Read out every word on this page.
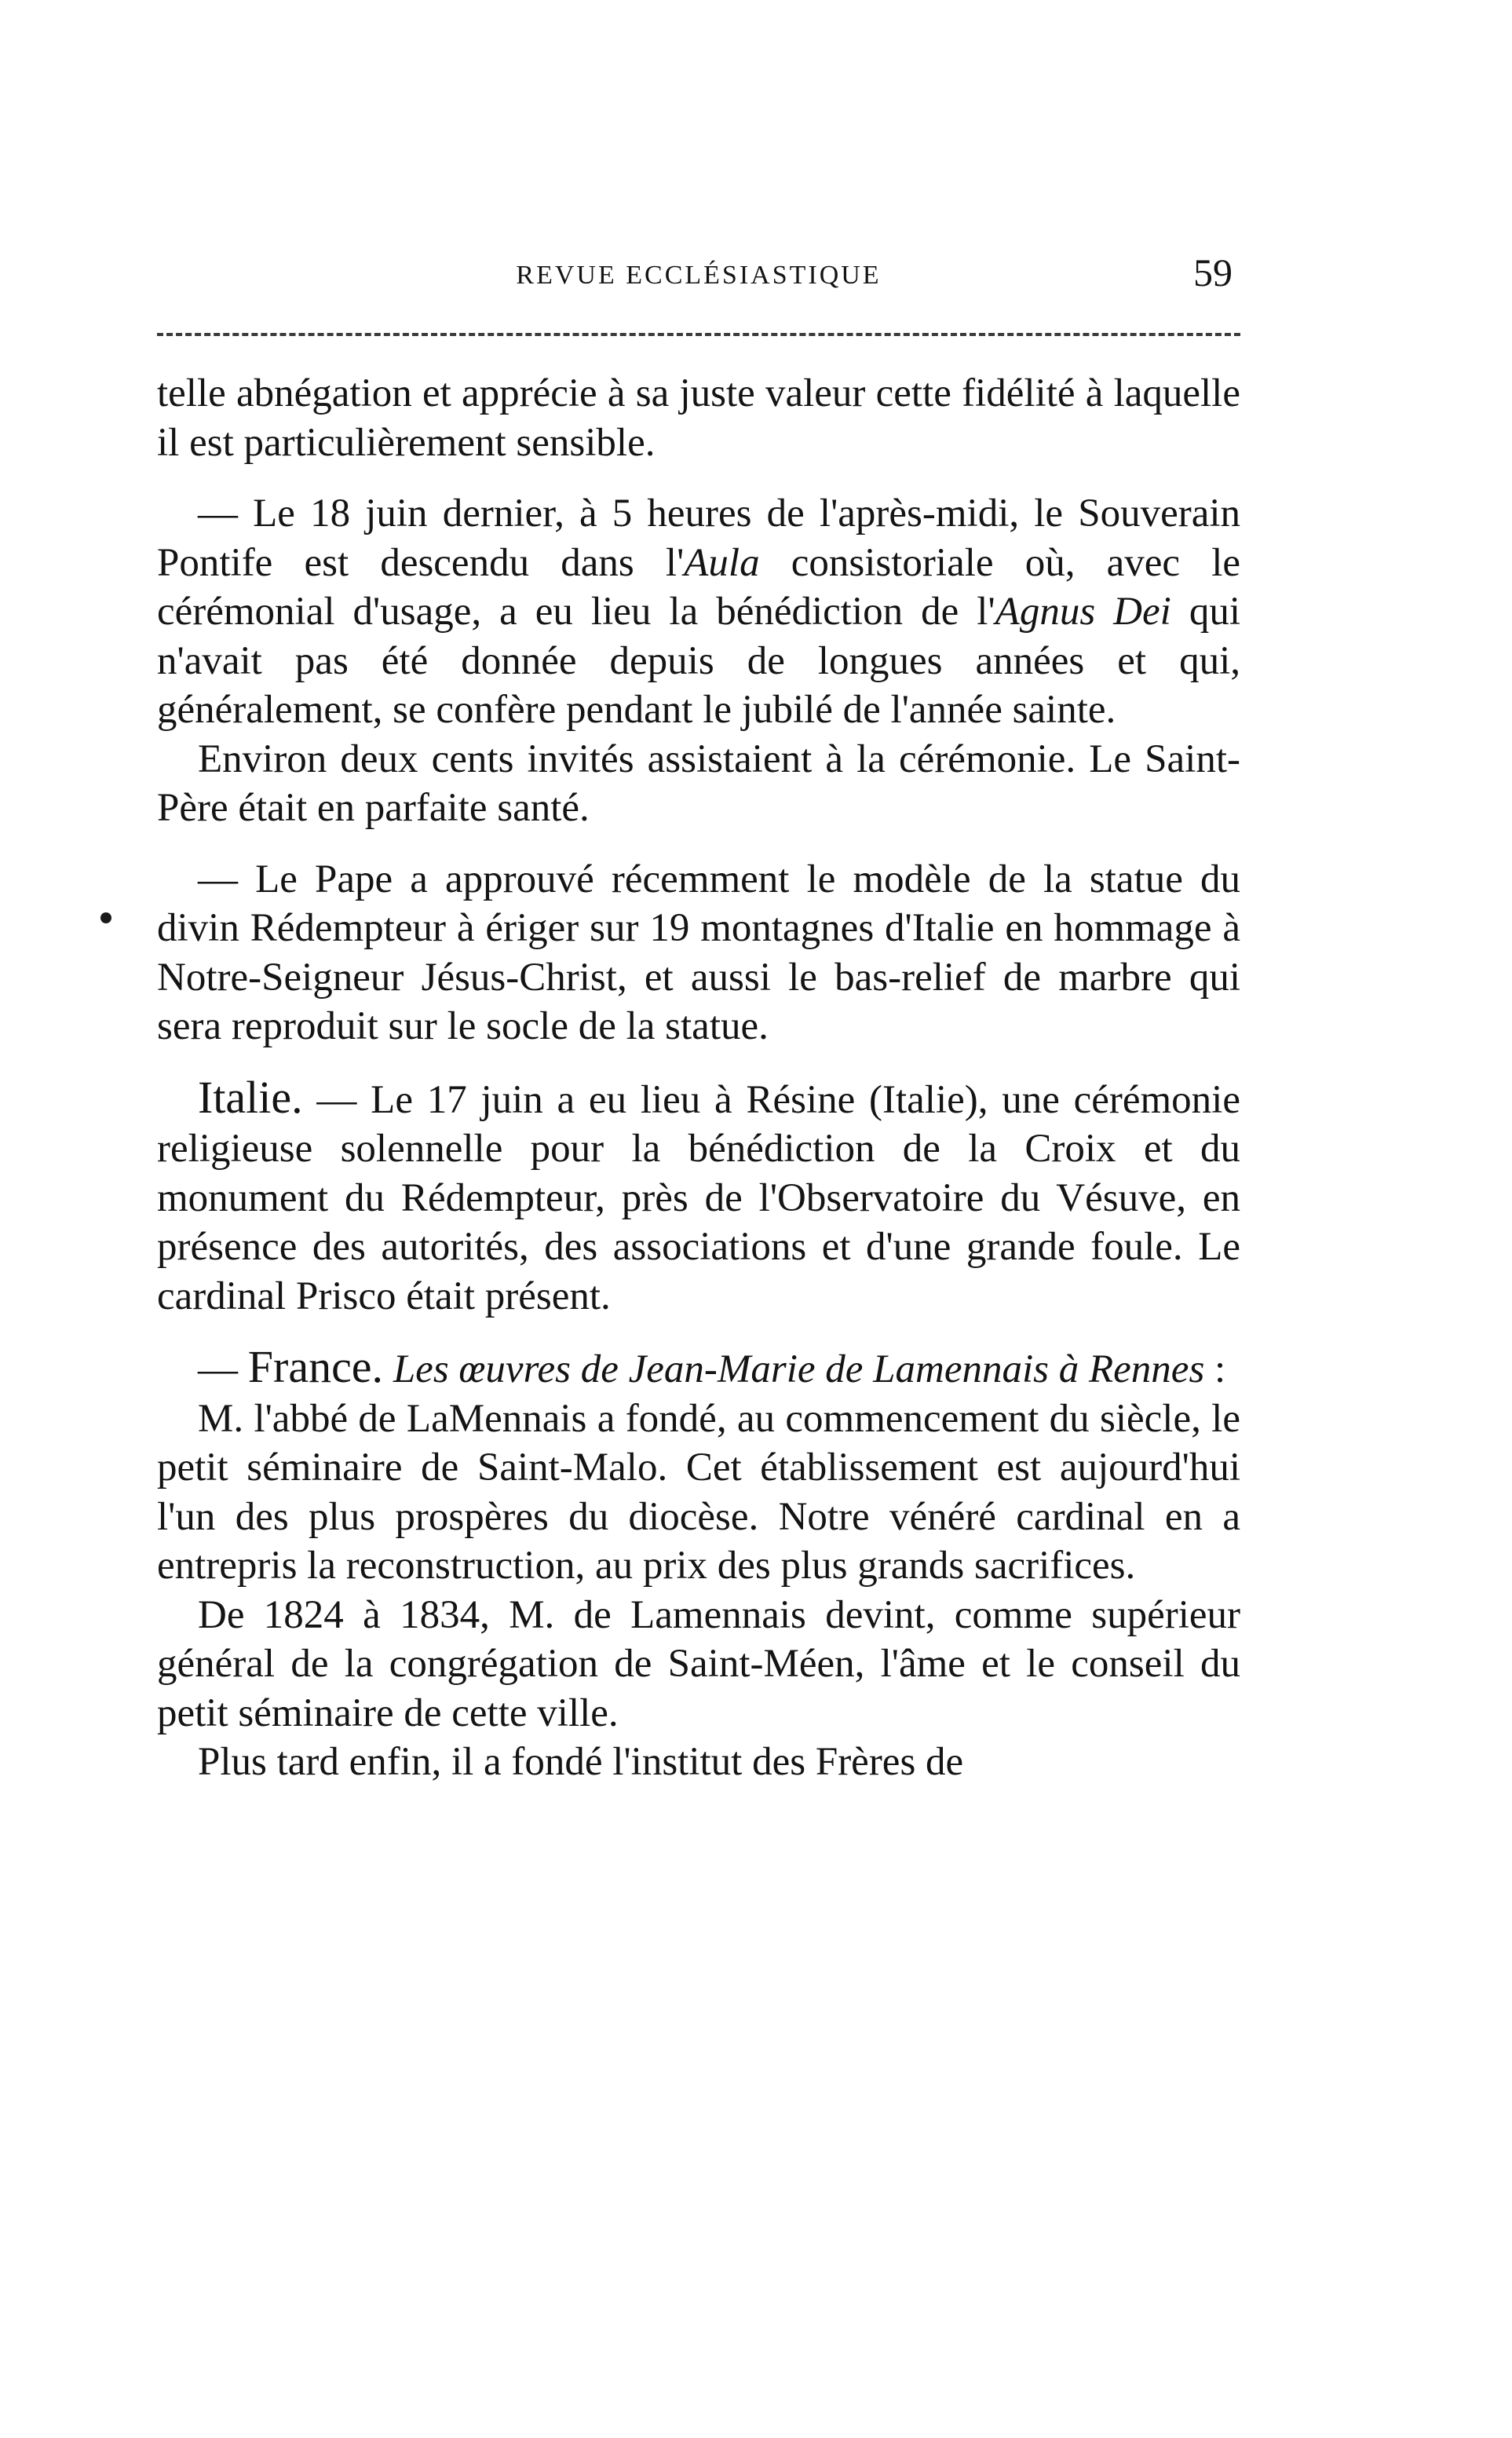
REVUE ECCLÉSIASTIQUE	59

telle abnégation et apprécie à sa juste valeur cette fidélité à laquelle il est particulièrement sensible.

— Le 18 juin dernier, à 5 heures de l'après-midi, le Souverain Pontife est descendu dans l'Aula consistoriale où, avec le cérémonial d'usage, a eu lieu la bénédiction de l'Agnus Dei qui n'avait pas été donnée depuis de longues années et qui, généralement, se confère pendant le jubilé de l'année sainte.

Environ deux cents invités assistaient à la cérémonie. Le Saint-Père était en parfaite santé.

— Le Pape a approuvé récemment le modèle de la statue du divin Rédempteur à ériger sur 19 montagnes d'Italie en hommage à Notre-Seigneur Jésus-Christ, et aussi le bas-relief de marbre qui sera reproduit sur le socle de la statue.

Italie. — Le 17 juin a eu lieu à Résine (Italie), une cérémonie religieuse solennelle pour la bénédiction de la Croix et du monument du Rédempteur, près de l'Observatoire du Vésuve, en présence des autorités, des associations et d'une grande foule. Le cardinal Prisco était présent.

— France. Les œuvres de Jean-Marie de Lamennais à Rennes :

M. l'abbé de LaMennais a fondé, au commencement du siècle, le petit séminaire de Saint-Malo. Cet établissement est aujourd'hui l'un des plus prospères du diocèse. Notre vénéré cardinal en a entrepris la reconstruction, au prix des plus grands sacrifices.

De 1824 à 1834, M. de Lamennais devint, comme supérieur général de la congrégation de Saint-Méen, l'âme et le conseil du petit séminaire de cette ville.

Plus tard enfin, il a fondé l'institut des Frères de
